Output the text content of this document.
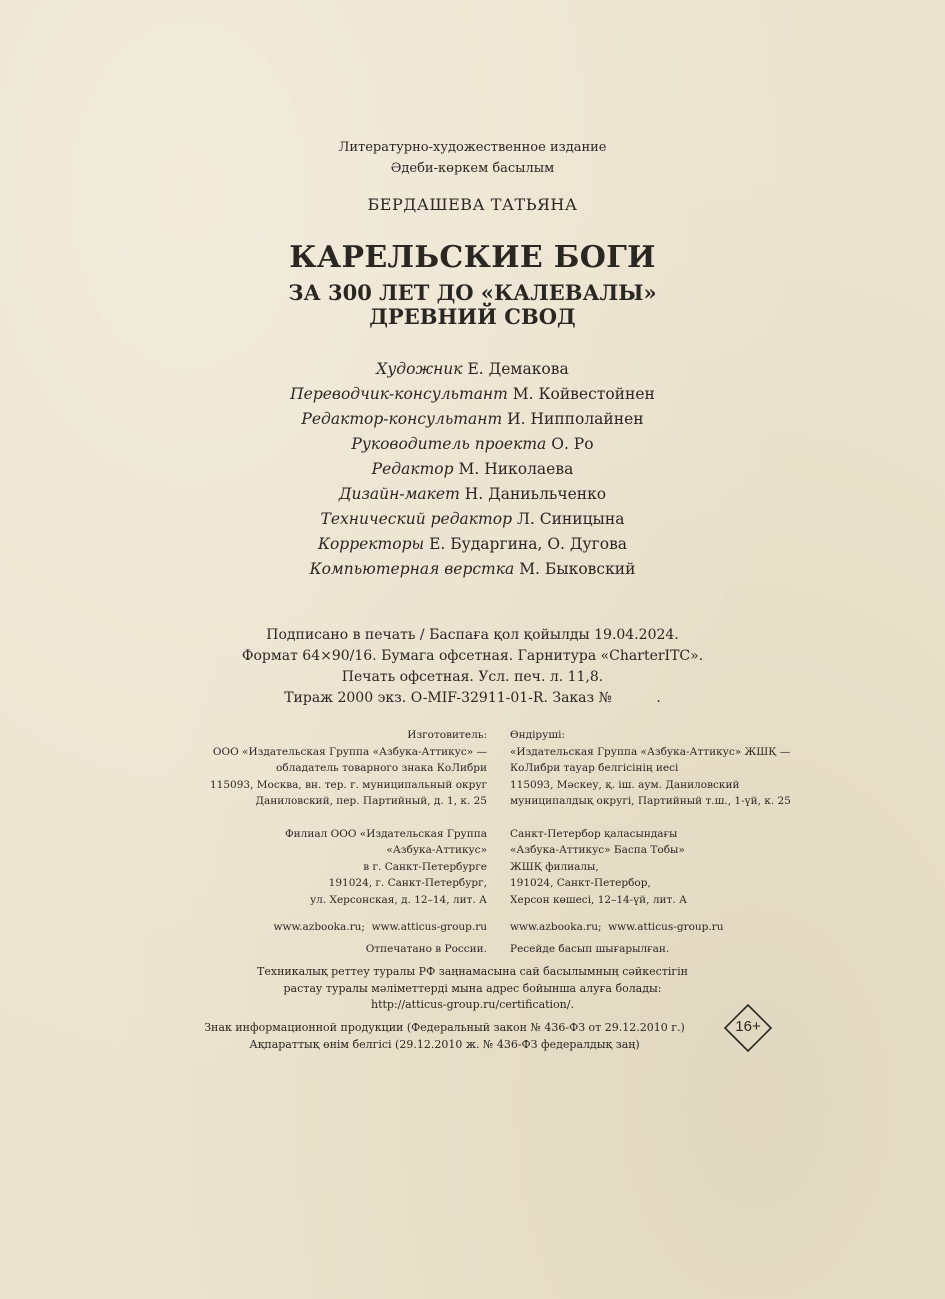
Литературно-художественное издание
Әдеби-көркем басылым
БЕРДАШЕВА ТАТЬЯНА
КАРЕЛЬСКИЕ БОГИ
ЗА 300 ЛЕТ ДО «КАЛЕВАЛЫ»
ДРЕВНИЙ СВОД
Художник Е. Демакова
Переводчик-консультант М. Койвестойнен
Редактор-консультант И. Нипполайнен
Руководитель проекта О. Ро
Редактор М. Николаева
Дизайн-макет Н. Даниьльченко
Технический редактор Л. Синицына
Корректоры Е. Бударгина, О. Дугова
Компьютерная верстка М. Быковский
Подписано в печать / Баспаға қол қойылды 19.04.2024.
Формат 64×90/16. Бумага офсетная. Гарнитура «CharterITC».
Печать офсетная. Усл. печ. л. 11,8.
Тираж 2000 экз. O-MIF-32911-01-R. Заказ №          .
Изготовитель:
ООО «Издательская Группа «Азбука-Аттикус» —
обладатель товарного знака КоЛибри
115093, Москва, вн. тер. г. муниципальный округ
Даниловский, пер. Партийный, д. 1, к. 25
Филиал ООО «Издательская Группа
«Азбука-Аттикус»
в г. Санкт-Петербурге
191024, г. Санкт-Петербург,
ул. Херсонская, д. 12–14, лит. А
www.azbooka.ru;  www.atticus-group.ru
Отпечатано в России.
Өндіруші:
«Издательская Группа «Азбука-Аттикус» ЖШҚ —
КоЛибри тауар белгісінің иесі
115093, Мәскеу, қ. іш. аум. Даниловский
муниципалдық округі, Партийный т.ш., 1-үй, к. 25
Санкт-Петербор қаласындағы
«Азбука-Аттикус» Баспа Тобы»
ЖШҚ филиалы,
191024, Санкт-Петербор,
Херсон көшесі, 12–14-үй, лит. А
www.azbooka.ru;  www.atticus-group.ru
Ресейде басып шығарылған.
Техникалық реттеу туралы РФ заңнамасына сай басылымның сәйкестігін
растау туралы мәліметтерді мына адрес бойынша алуға болады:
http://atticus-group.ru/certification/.
Знак информационной продукции (Федеральный закон № 436-ФЗ от 29.12.2010 г.)
Ақпараттық өнім белгісі (29.12.2010 ж. № 436-ФЗ федералдық заң)
16+
